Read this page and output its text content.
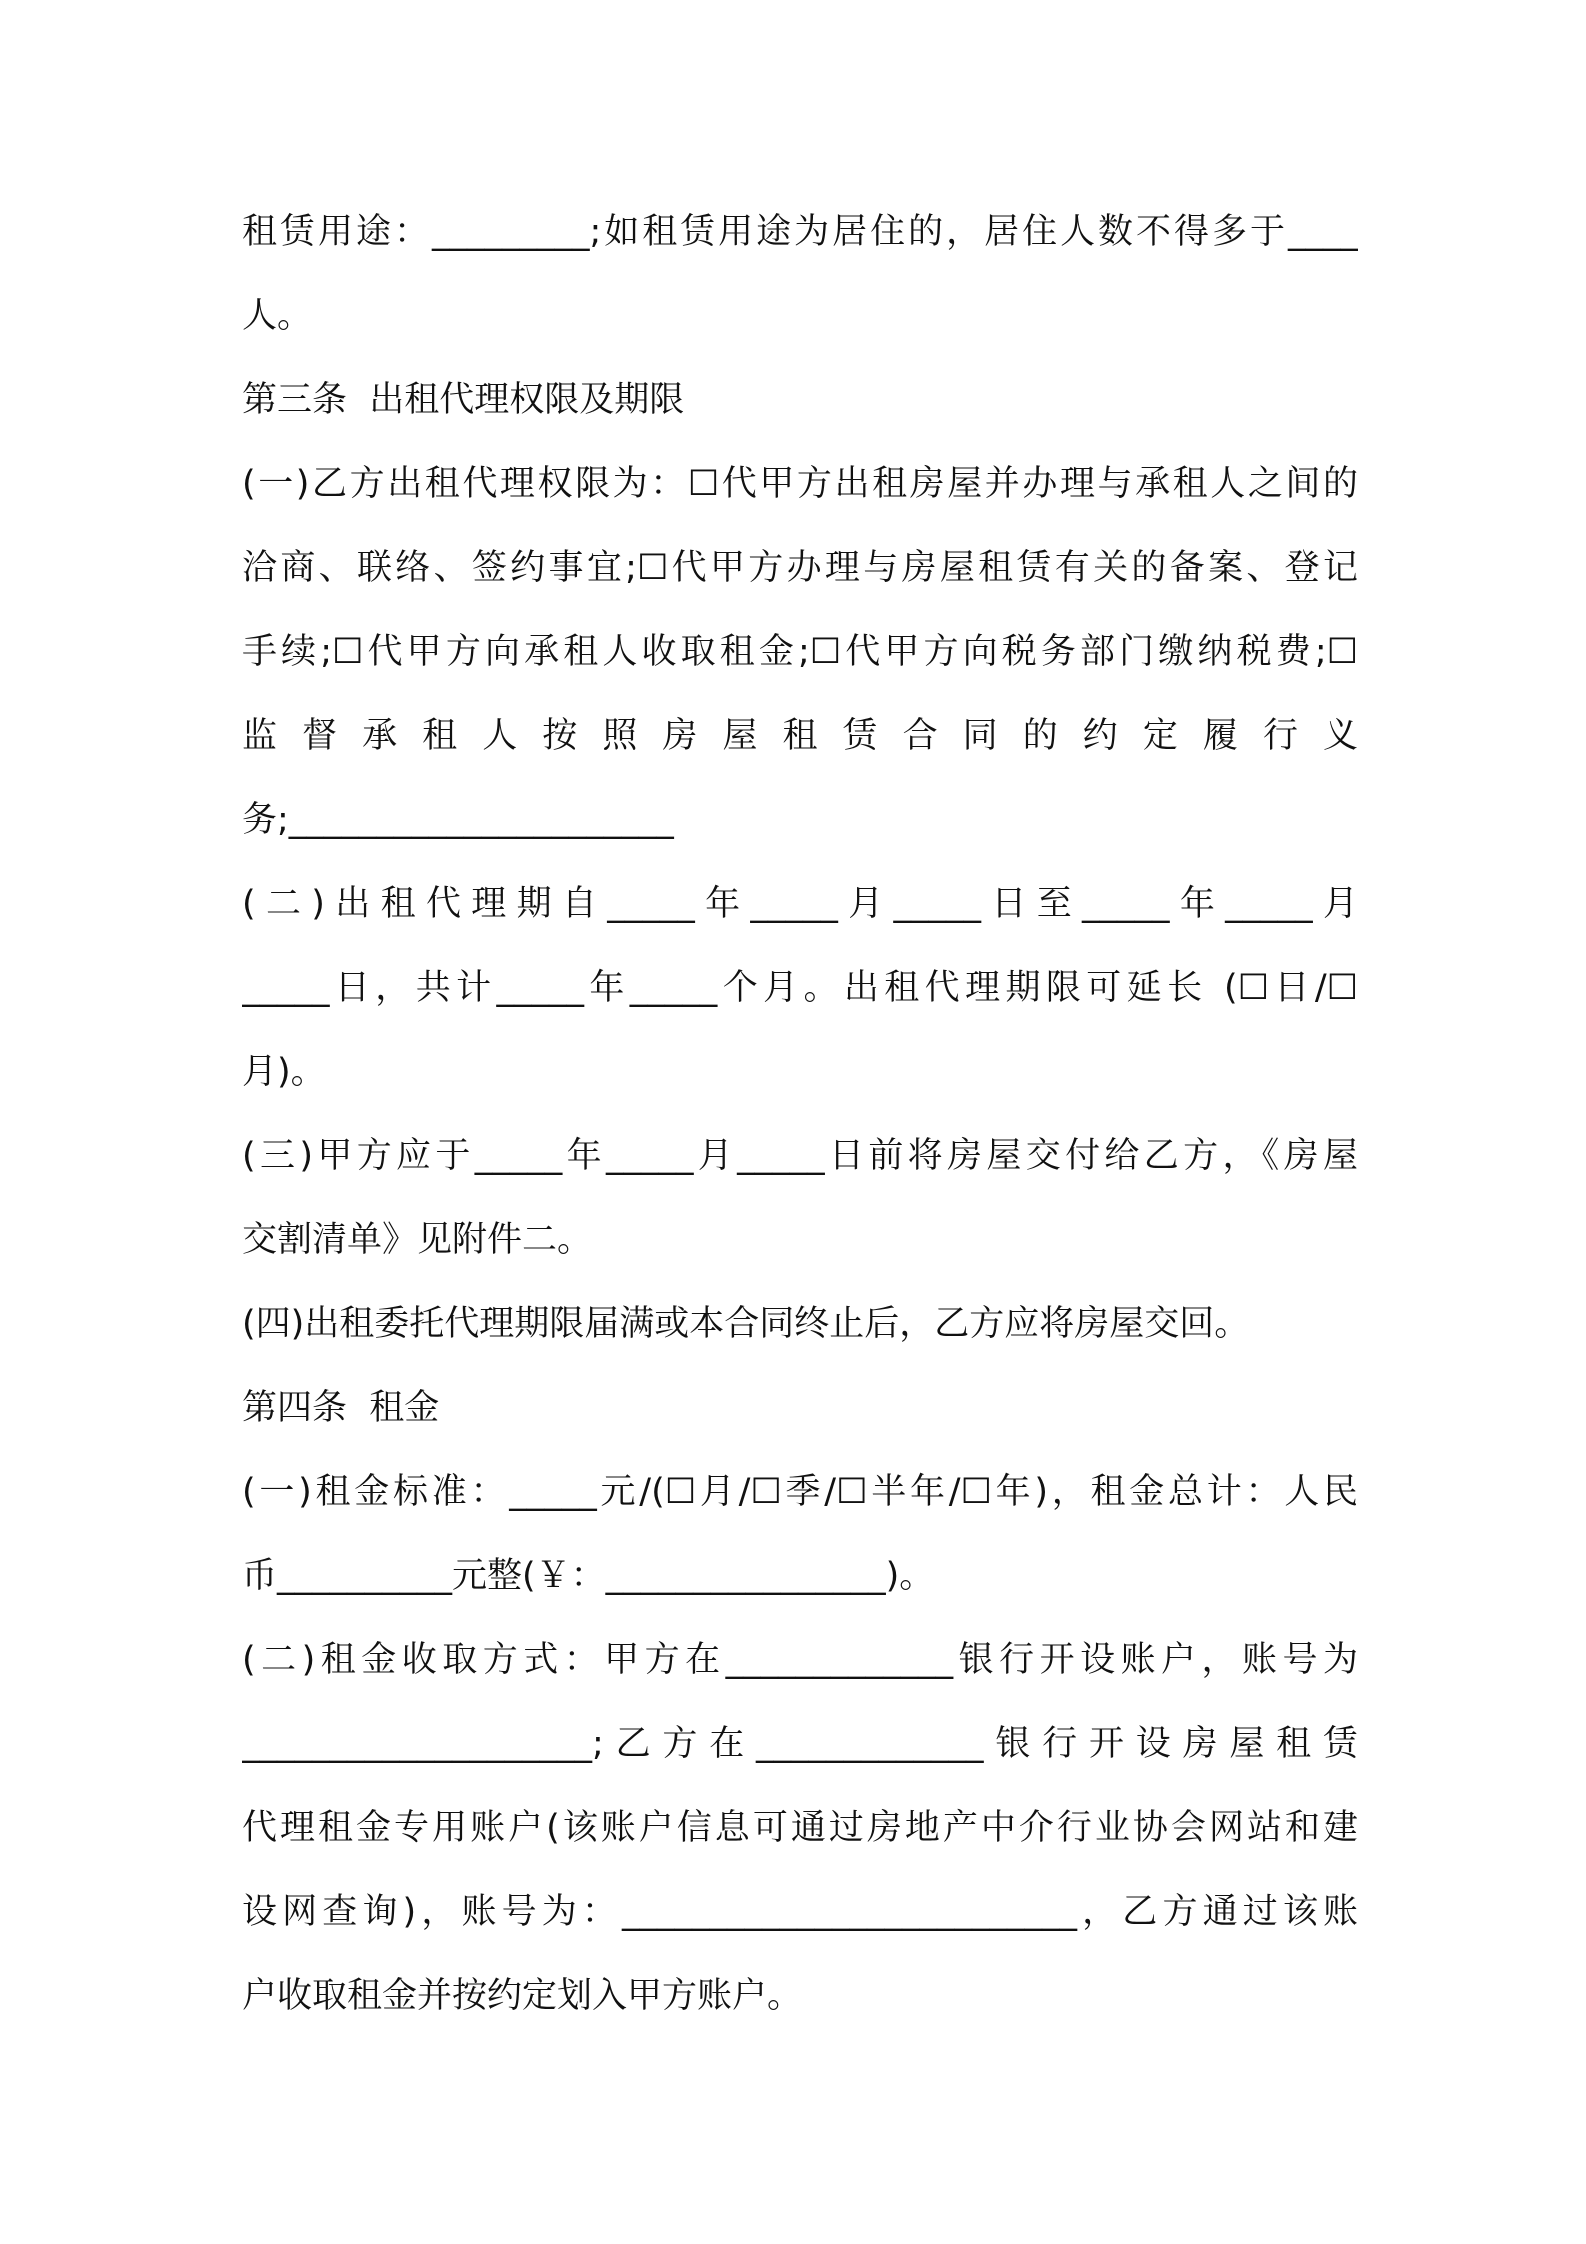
租赁用途：_________;如租赁用途为居住的，居住人数不得多于____
人。
第三条  出租代理权限及期限
(一)乙方出租代理权限为：☐代甲方出租房屋并办理与承租人之间的
洽商、联络、签约事宜;☐代甲方办理与房屋租赁有关的备案、登记
手续;☐代甲方向承租人收取租金;☐代甲方向税务部门缴纳税费;☐
监 督 承 租 人 按 照 房 屋 租 赁 合 同 的 约 定 履 行 义
务;______________________
(二)出租代理期自_____年_____月_____日至_____年_____月
_____日，共计_____年_____个月。出租代理期限可延长 (☐日/☐
月)。
(三)甲方应于_____年_____月_____日前将房屋交付给乙方，《房屋
交割清单》见附件二。
(四)出租委托代理期限届满或本合同终止后，乙方应将房屋交回。
第四条  租金
(一)租金标准：_____元/(☐月/☐季/☐半年/☐年)，租金总计：人民
币__________元整(￥：________________)。
(二)租金收取方式：甲方在_____________银行开设账户，账号为
____________________;乙方在_____________银行开设房屋租赁
代理租金专用账户(该账户信息可通过房地产中介行业协会网站和建
设网查询)，账号为：__________________________，乙方通过该账
户收取租金并按约定划入甲方账户。
